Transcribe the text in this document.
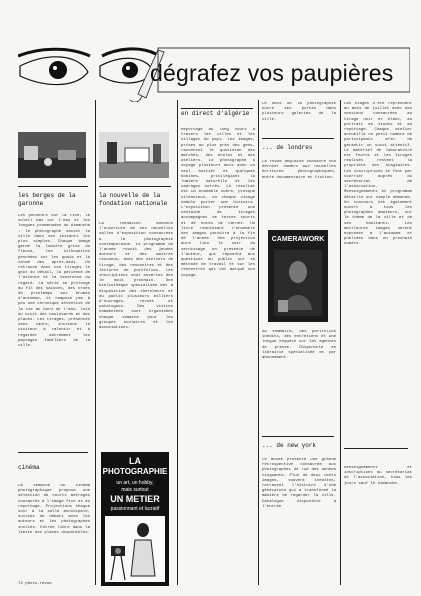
dégrafez vos paupières
les berges de la garonne
Les pêcheurs sur la rive, le soleil bas sur l'eau et les longues promenades du dimanche : le photographe saisit la ville dans ses instants les plus simples. Chaque image garde la lumière grise du fleuve, les silhouettes penchées sur les quais et le calme des après-midi. On retrouve dans ces tirages le goût du détail, la patience de l'attente et la tendresse du regard. La série se prolonge au fil des saisons, des crues de printemps aux brumes d'automne, et compose peu à peu une chronique attentive de la vie au bord de l'eau, loin du bruit des boulevards et des places. Les tirages, présentés sans cadre, invitent le visiteur à ralentir et à regarder autrement les paysages familiers de la ville.
cinéma
La semaine du cinéma photographique propose une sélection de courts métrages consacrés à l'image fixe et au reportage. Projections chaque soir à la salle municipale, suivies de débats avec les auteurs et les photographes invités. Entrée libre dans la limite des places disponibles.
la nouvelle de la fondation nationale
La fondation annonce l'ouverture de ses nouvelles salles d'exposition consacrées à la photographie contemporaine. Le programme de l'année réunit des jeunes auteurs et des maîtres reconnus, avec des ateliers de tirage, des rencontres et des lectures de portfolios. Les inscriptions sont ouvertes dès le mois prochain. Une bibliothèque spécialisée met à disposition des chercheurs et du public plusieurs milliers d'ouvrages, revues et catalogues. Des visites commentées sont organisées chaque semaine pour les groupes scolaires et les associations.
LA
PHOTOGRAPHIE
un art, un hobby,
mais surtout
UN METIER
passionnant et lucratif
en direct d'algérie
Reportage au long cours à travers les villes et les villages du pays. Les images, prises au plus près des gens, racontent le quotidien des marchés, des écoles et des ateliers. Le photographe a voyagé plusieurs mois avec un seul boîtier et quelques bobines, privilégiant la lumière naturelle et les cadrages serrés. Le résultat est un ensemble sobre, presque silencieux, où chaque visage semble porter une histoire. L'exposition présente une centaine de tirages accompagnés de textes courts et de notes de carnet. Un livre réunissant l'ensemble des images paraîtra à la fin de l'année. Une projection aura lieu le soir du vernissage en présence de l'auteur, qui répondra aux questions du public sur sa méthode de travail et sur les rencontres qui ont marqué son voyage.
Le mois de la photographie ouvre ses portes dans plusieurs galeries de la ville.
... de londres
La revue anglaise consacre son dernier numéro aux nouvelles écritures photographiques, entre documentaire et fiction.
CAMERAWORK
Au sommaire, des portfolios inédits, des entretiens et une longue enquête sur les agences de presse. Disponible en librairie spécialisée et par abonnement.
... de new york
Le musée présente une grande rétrospective consacrée aux photographes de rue des années cinquante. Plus de deux cents images, souvent inédites, retracent l'histoire d'une génération qui a transformé la manière de regarder la ville. Catalogue disponible à l'entrée.
Les stages d'été reprennent au mois de juillet avec des sessions consacrées au tirage noir et blanc, au portrait en studio et au reportage. Chaque atelier accueille un petit nombre de participants afin de garantir un suivi attentif. Le matériel de laboratoire est fourni et les tirages réalisés restent la propriété des stagiaires. Les inscriptions se font par courrier auprès du secrétariat de l'association. Renseignements et programme détaillé sur simple demande. Un concours est également ouvert à tous les photographes amateurs, sur le thème de la ville et de ses habitants. Les meilleures images seront exposées à l'automne et publiées dans un prochain numéro.
Renseignements et inscriptions au secrétariat de l'association, tous les jours sauf le dimanche.
72 photo-revue
